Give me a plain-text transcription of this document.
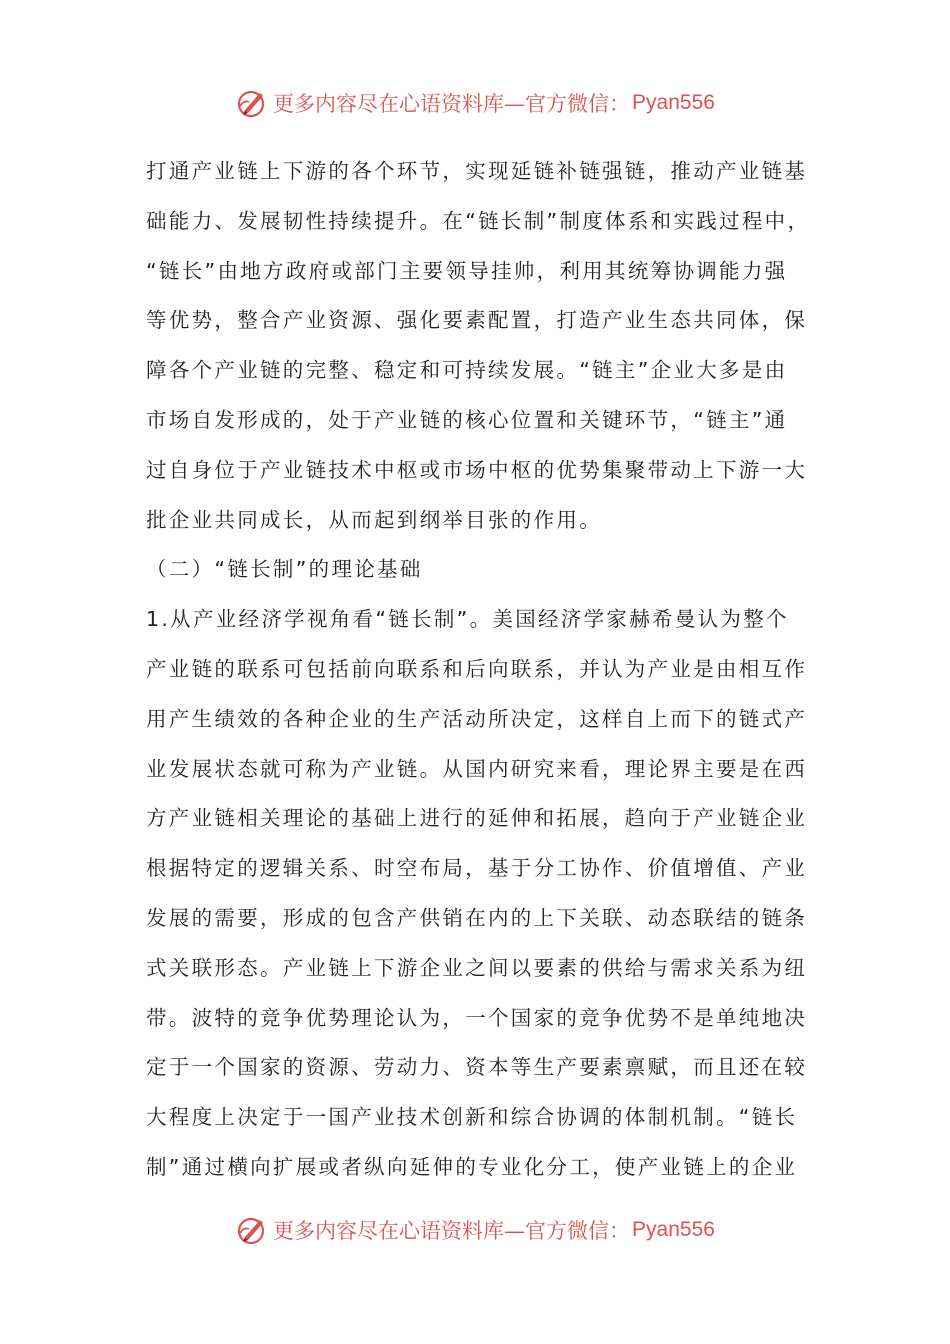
更多内容尽在心语资料库—官方微信： Pyan556
打通产业链上下游的各个环节，实现延链补链强链，推动产业链基
础能力、发展韧性持续提升。在“链长制”制度体系和实践过程中，
“链长”由地方政府或部门主要领导挂帅，利用其统筹协调能力强
等优势，整合产业资源、强化要素配置，打造产业生态共同体，保
障各个产业链的完整、稳定和可持续发展。“链主”企业大多是由
市场自发形成的，处于产业链的核心位置和关键环节，“链主”通
过自身位于产业链技术中枢或市场中枢的优势集聚带动上下游一大
批企业共同成长，从而起到纲举目张的作用。
（二）“链长制”的理论基础
1.从产业经济学视角看“链长制”。美国经济学家赫希曼认为整个
产业链的联系可包括前向联系和后向联系，并认为产业是由相互作
用产生绩效的各种企业的生产活动所决定，这样自上而下的链式产
业发展状态就可称为产业链。从国内研究来看，理论界主要是在西
方产业链相关理论的基础上进行的延伸和拓展，趋向于产业链企业
根据特定的逻辑关系、时空布局，基于分工协作、价值增值、产业
发展的需要，形成的包含产供销在内的上下关联、动态联结的链条
式关联形态。产业链上下游企业之间以要素的供给与需求关系为纽
带。波特的竞争优势理论认为，一个国家的竞争优势不是单纯地决
定于一个国家的资源、劳动力、资本等生产要素禀赋，而且还在较
大程度上决定于一国产业技术创新和综合协调的体制机制。“链长
制”通过横向扩展或者纵向延伸的专业化分工，使产业链上的企业
更多内容尽在心语资料库—官方微信： Pyan556
